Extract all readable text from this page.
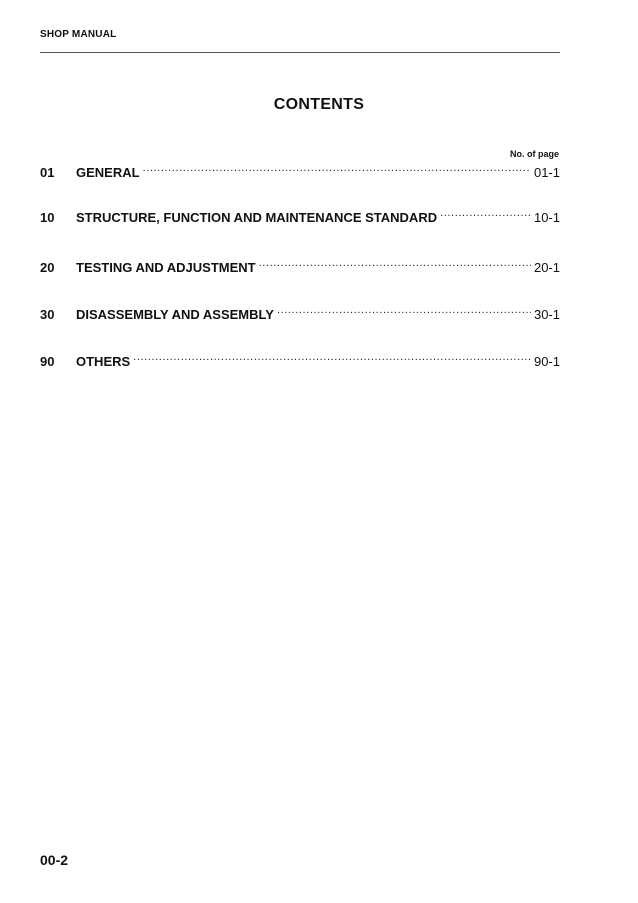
SHOP MANUAL
CONTENTS
No. of page
01	GENERAL .....	01-1
10	STRUCTURE, FUNCTION AND MAINTENANCE STANDARD .....	10-1
20	TESTING AND ADJUSTMENT .....	20-1
30	DISASSEMBLY AND ASSEMBLY .....	30-1
90	OTHERS .....	90-1
00-2
